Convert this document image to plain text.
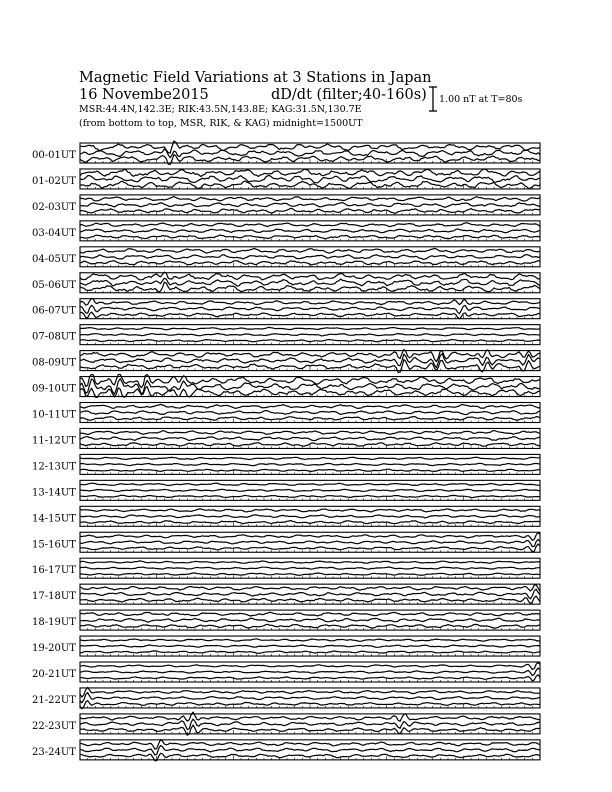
Magnetic Field Variations at 3 Stations in Japan
16 Novembe2015	dD/dt (filter;40-160s)
MSR:44.4N,142.3E; RIK:43.5N,143.8E; KAG:31.5N,130.7E
(from bottom to top, MSR, RIK, & KAG) midnight=1500UT
1.00 nT at T=80s
00-01UT
01-02UT
02-03UT
03-04UT
04-05UT
05-06UT
06-07UT
07-08UT
08-09UT
09-10UT
10-11UT
11-12UT
12-13UT
13-14UT
14-15UT
15-16UT
16-17UT
17-18UT
18-19UT
19-20UT
20-21UT
21-22UT
22-23UT
23-24UT
